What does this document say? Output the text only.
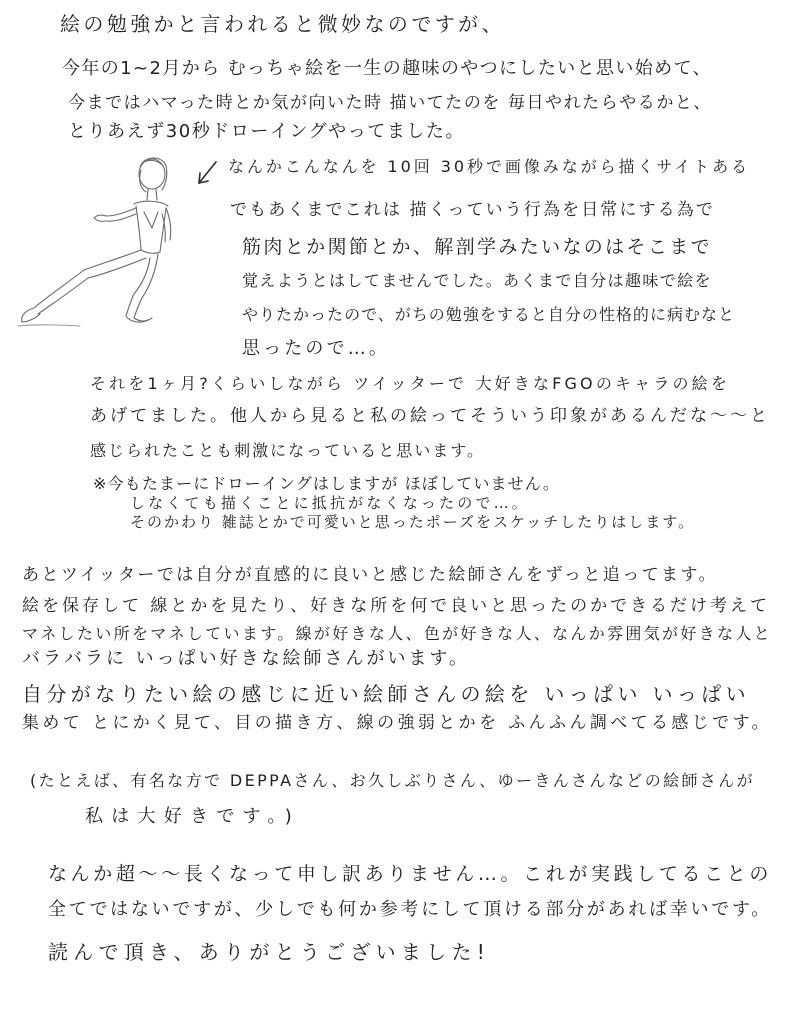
絵の勉強かと言われると微妙なのですが、
今年の1~2月から むっちゃ絵を一生の趣味のやつにしたいと思い始めて、
今まではハマった時とか気が向いた時 描いてたのを 毎日やれたらやるかと、
とりあえず30秒ドローイングやってました。
なんかこんなんを 10回 30秒で画像みながら描くサイトある
でもあくまでこれは 描くっていう行為を日常にする為で
筋肉とか関節とか、解剖学みたいなのはそこまで
覚えようとはしてませんでした。あくまで自分は趣味で絵を
やりたかったので、がちの勉強をすると自分の性格的に病むなと
思ったので…。
それを1ヶ月?くらいしながら ツイッターで 大好きなFGOのキャラの絵を
あげてました。他人から見ると私の絵ってそういう印象があるんだな〜〜と
感じられたことも刺激になっていると思います。
※今もたまーにドローイングはしますが ほぼしていません。
しなくても描くことに抵抗がなくなったので…。
そのかわり 雑誌とかで可愛いと思ったポーズをスケッチしたりはします。
あとツイッターでは自分が直感的に良いと感じた絵師さんをずっと追ってます。
絵を保存して 線とかを見たり、好きな所を何で良いと思ったのかできるだけ考えて
マネしたい所をマネしています。線が好きな人、色が好きな人、なんか雰囲気が好きな人と
バラバラに いっぱい好きな絵師さんがいます。
自分がなりたい絵の感じに近い絵師さんの絵を いっぱい いっぱい
集めて とにかく見て、目の描き方、線の強弱とかを ふんふん調べてる感じです。
(たとえば、有名な方で DEPPAさん、お久しぶりさん、ゆーきんさんなどの絵師さんが
私は大好きです。)
なんか超〜〜長くなって申し訳ありません…。これが実践してることの
全てではないですが、少しでも何か参考にして頂ける部分があれば幸いです。
読んで頂き、ありがとうございました!
